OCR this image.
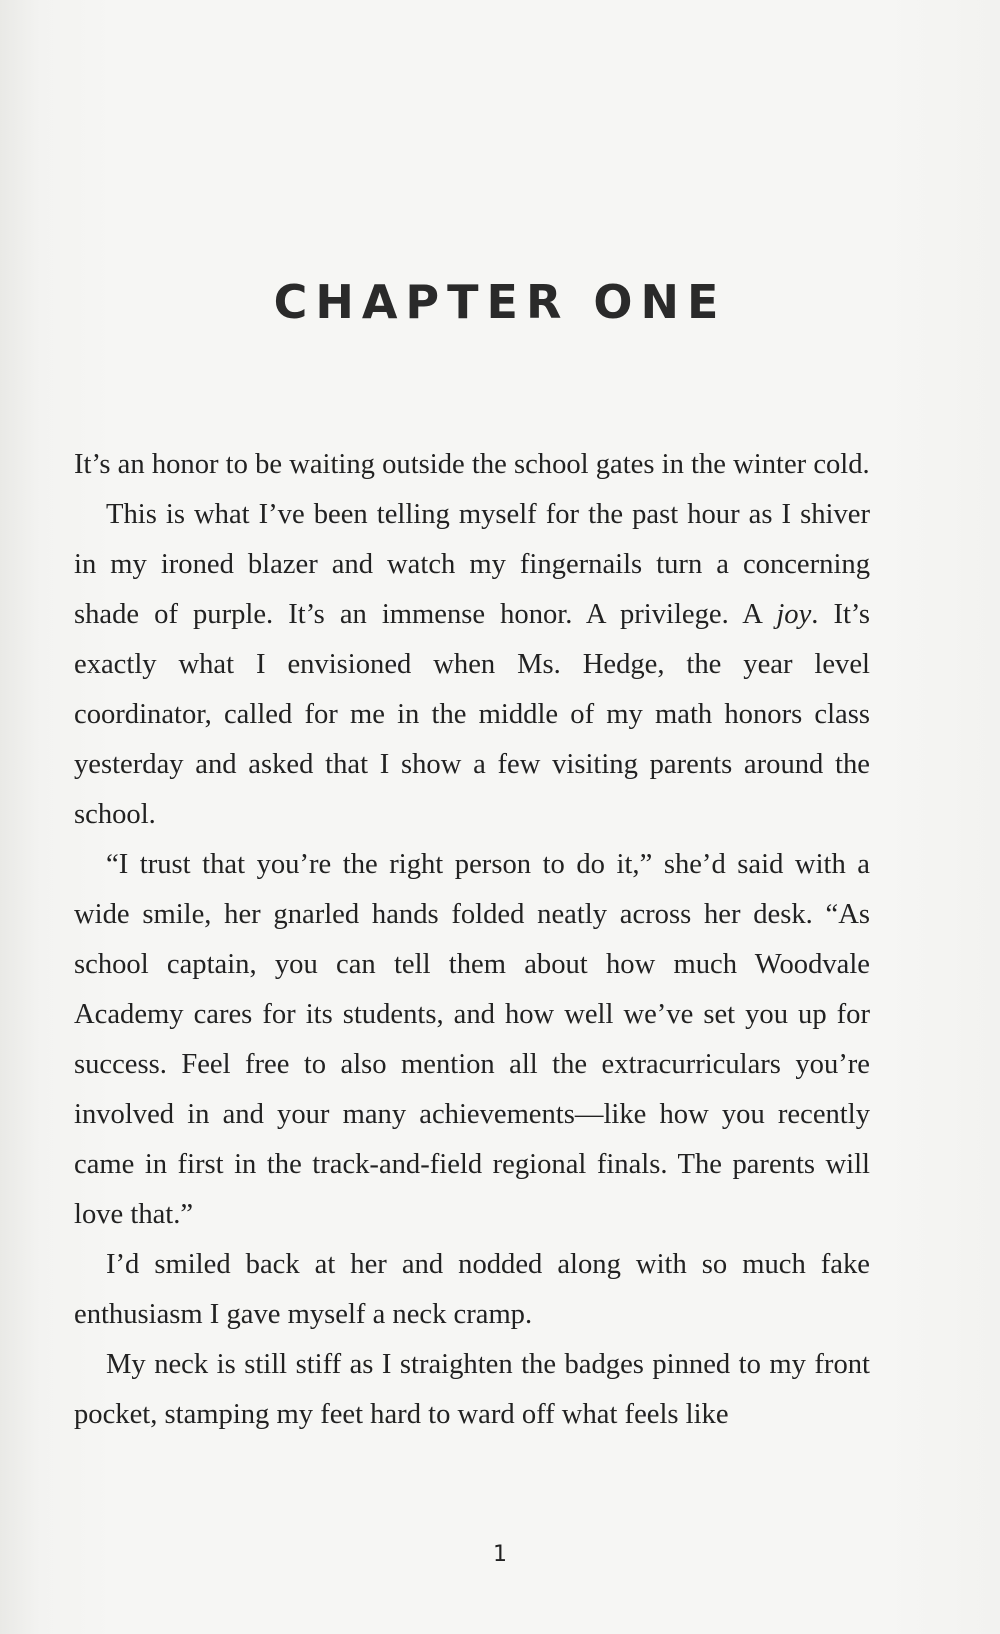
CHAPTER ONE

It’s an honor to be waiting outside the school gates in the winter cold.

This is what I’ve been telling myself for the past hour as I shiver in my ironed blazer and watch my fingernails turn a concerning shade of purple. It’s an immense honor. A privilege. A joy. It’s exactly what I envisioned when Ms. Hedge, the year level coordinator, called for me in the middle of my math honors class yesterday and asked that I show a few visiting parents around the school.

“I trust that you’re the right person to do it,” she’d said with a wide smile, her gnarled hands folded neatly across her desk. “As school captain, you can tell them about how much Woodvale Academy cares for its students, and how well we’ve set you up for success. Feel free to also mention all the extracurriculars you’re involved in and your many achievements—like how you recently came in first in the track-and-field regional finals. The parents will love that.”

I’d smiled back at her and nodded along with so much fake enthusiasm I gave myself a neck cramp.

My neck is still stiff as I straighten the badges pinned to my front pocket, stamping my feet hard to ward off what feels like

1
